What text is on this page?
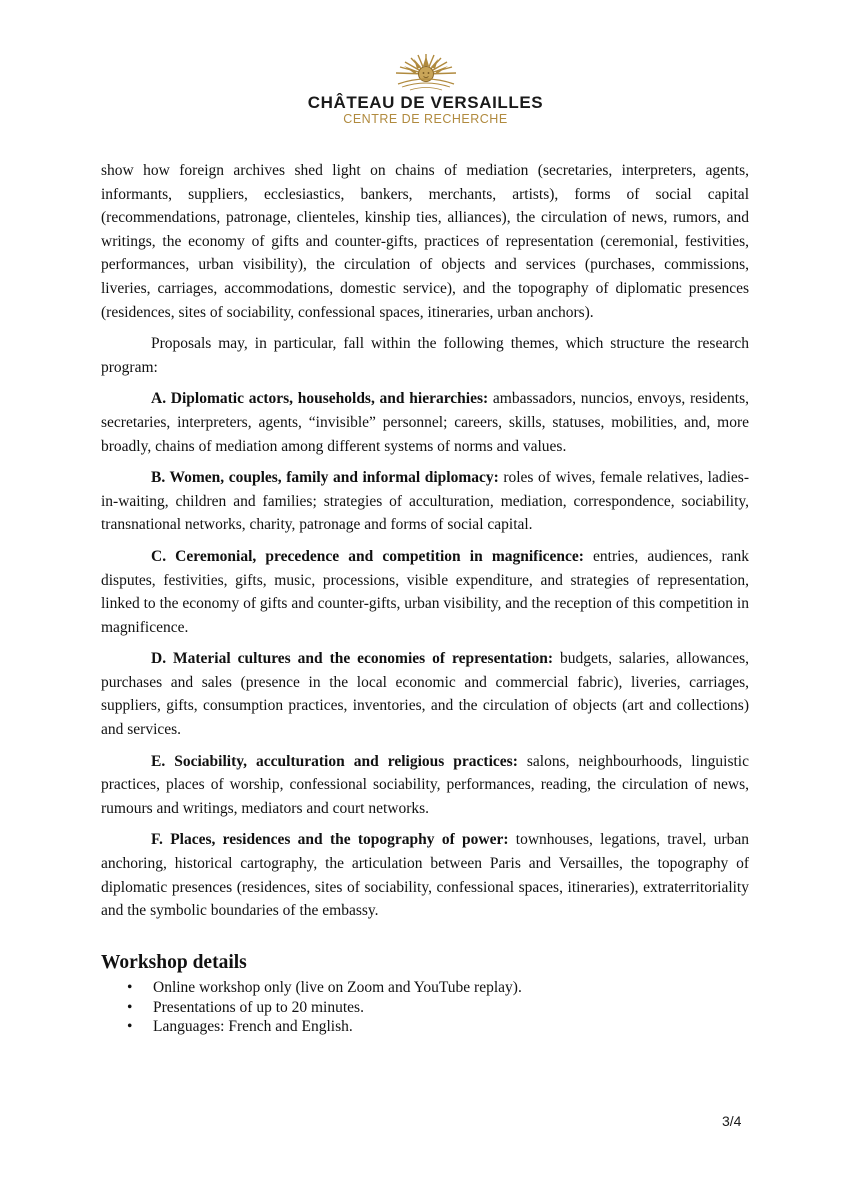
CHÂTEAU DE VERSAILLES
CENTRE DE RECHERCHE

show how foreign archives shed light on chains of mediation (secretaries, interpreters, agents, informants, suppliers, ecclesiastics, bankers, merchants, artists), forms of social capital (recommendations, patronage, clienteles, kinship ties, alliances), the circulation of news, rumors, and writings, the economy of gifts and counter-gifts, practices of representation (ceremonial, festivities, performances, urban visibility), the circulation of objects and services (purchases, commissions, liveries, carriages, accommodations, domestic service), and the topography of diplomatic presences (residences, sites of sociability, confessional spaces, itineraries, urban anchors).

Proposals may, in particular, fall within the following themes, which structure the research program:

A. Diplomatic actors, households, and hierarchies: ambassadors, nuncios, envoys, residents, secretaries, interpreters, agents, “invisible” personnel; careers, skills, statuses, mobilities, and, more broadly, chains of mediation among different systems of norms and values.

B. Women, couples, family and informal diplomacy: roles of wives, female relatives, ladies-in-waiting, children and families; strategies of acculturation, mediation, correspondence, sociability, transnational networks, charity, patronage and forms of social capital.

C. Ceremonial, precedence and competition in magnificence: entries, audiences, rank disputes, festivities, gifts, music, processions, visible expenditure, and strategies of representation, linked to the economy of gifts and counter-gifts, urban visibility, and the reception of this competition in magnificence.

D. Material cultures and the economies of representation: budgets, salaries, allowances, purchases and sales (presence in the local economic and commercial fabric), liveries, carriages, suppliers, gifts, consumption practices, inventories, and the circulation of objects (art and collections) and services.

E. Sociability, acculturation and religious practices: salons, neighbourhoods, linguistic practices, places of worship, confessional sociability, performances, reading, the circulation of news, rumours and writings, mediators and court networks.

F. Places, residences and the topography of power: townhouses, legations, travel, urban anchoring, historical cartography, the articulation between Paris and Versailles, the topography of diplomatic presences (residences, sites of sociability, confessional spaces, itineraries), extraterritoriality and the symbolic boundaries of the embassy.

Workshop details
• Online workshop only (live on Zoom and YouTube replay).
• Presentations of up to 20 minutes.
• Languages: French and English.
3/4
